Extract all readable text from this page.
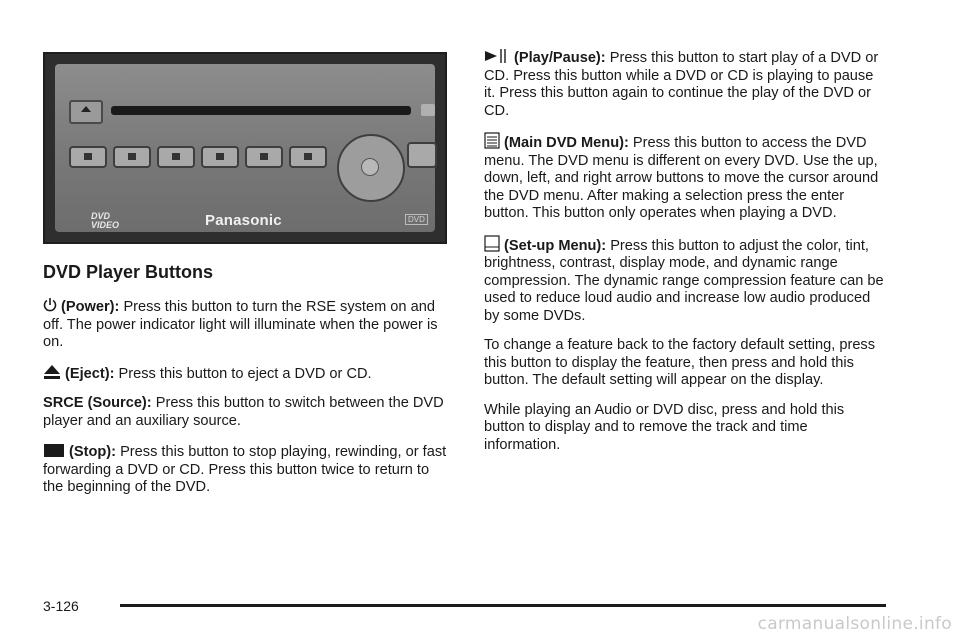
DVD
VIDEO	Panasonic	DVD
DVD Player Buttons

(Power): Press this button to turn the RSE system on and off. The power indicator light will illuminate when the power is on.

(Eject): Press this button to eject a DVD or CD.

SRCE (Source): Press this button to switch between the DVD player and an auxiliary source.

(Stop): Press this button to stop playing, rewinding, or fast forwarding a DVD or CD. Press this button twice to return to the beginning of the DVD.

(Play/Pause): Press this button to start play of a DVD or CD. Press this button while a DVD or CD is playing to pause it. Press this button again to continue the play of the DVD or CD.

(Main DVD Menu): Press this button to access the DVD menu. The DVD menu is different on every DVD. Use the up, down, left, and right arrow buttons to move the cursor around the DVD menu. After making a selection press the enter button. This button only operates when playing a DVD.

(Set-up Menu): Press this button to adjust the color, tint, brightness, contrast, display mode, and dynamic range compression. The dynamic range compression feature can be used to reduce loud audio and increase low audio produced by some DVDs.

To change a feature back to the factory default setting, press this button to display the feature, then press and hold this button. The default setting will appear on the display.

While playing an Audio or DVD disc, press and hold this button to display and to remove the track and time information.

3-126
carmanualsonline.info
